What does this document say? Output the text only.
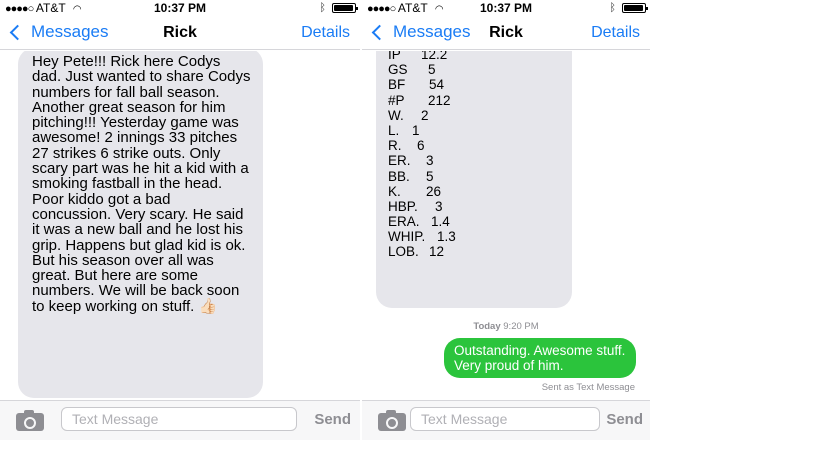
●●●●○ AT&T ◠	10:37 PM	ᛒ
Messages	Rick	Details
Hey Pete!!! Rick here Codys dad. Just wanted to share Codys numbers for fall ball season. Another great season for him pitching!!! Yesterday game was awesome! 2 innings 33 pitches 27 strikes 6 strike outs. Only scary part was he hit a kid with a smoking fastball in the head. Poor kiddo got a bad concussion. Very scary. He said it was a new ball and he lost his grip. Happens but glad kid is ok. But his season over all was great. But here are some numbers. We will be back soon to keep working on stuff. 👍🏻
Text Message	Send
●●●●○ AT&T ◠	10:37 PM	ᛒ
Messages	Rick	Details
IP 12.2
GS 5
BF 54
#P 212
W. 2
L. 1
R. 6
ER. 3
BB. 5
K. 26
HBP. 3
ERA. 1.4
WHIP. 1.3
LOB. 12
Today 9:20 PM
Outstanding. Awesome stuff. Very proud of him.
Sent as Text Message
Text Message	Send
